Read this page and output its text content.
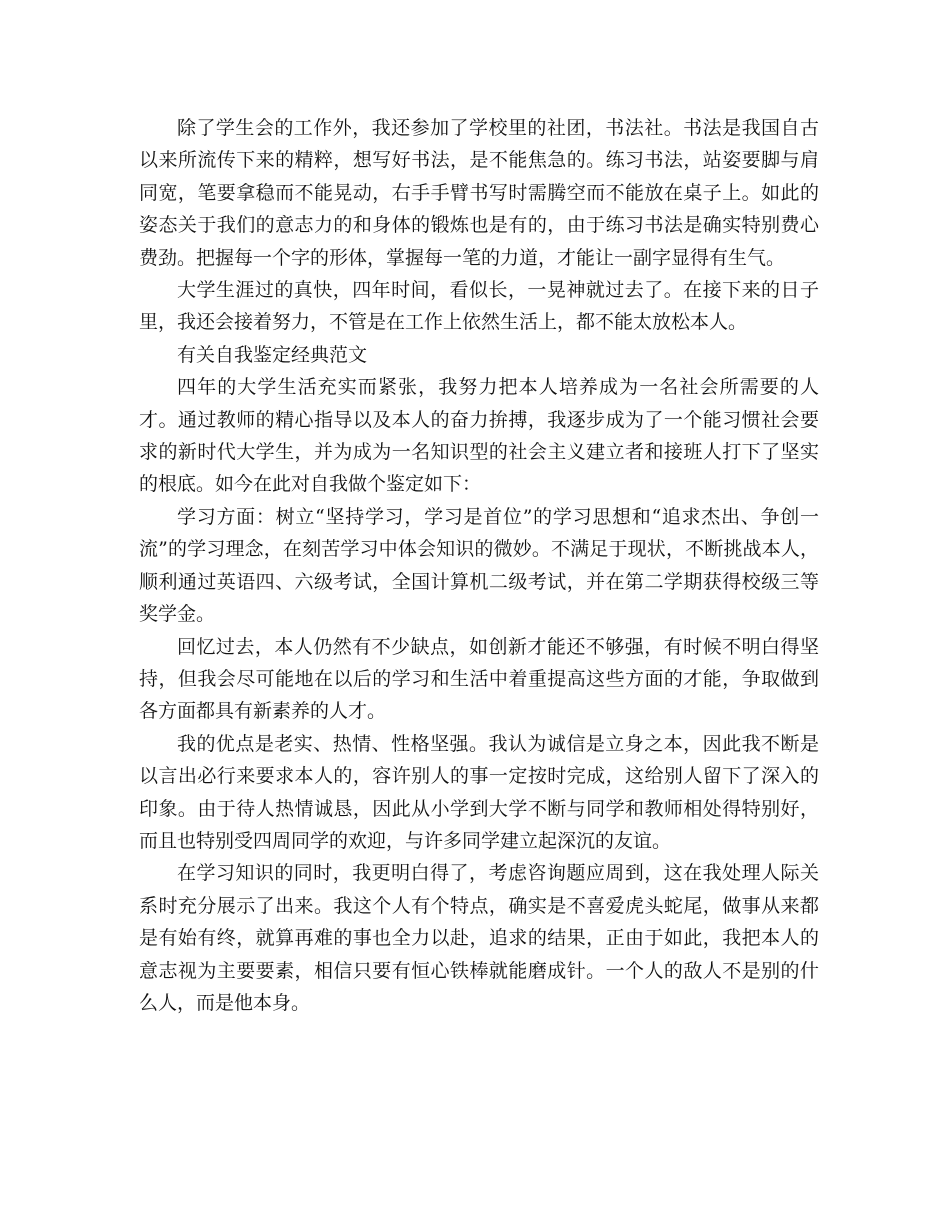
除了学生会的工作外，我还参加了学校里的社团，书法社。书法是我国自古以来所流传下来的精粹，想写好书法，是不能焦急的。练习书法，站姿要脚与肩同宽，笔要拿稳而不能晃动，右手手臂书写时需腾空而不能放在桌子上。如此的姿态关于我们的意志力的和身体的锻炼也是有的，由于练习书法是确实特别费心费劲。把握每一个字的形体，掌握每一笔的力道，才能让一副字显得有生气。

大学生涯过的真快，四年时间，看似长，一晃神就过去了。在接下来的日子里，我还会接着努力，不管是在工作上依然生活上，都不能太放松本人。

有关自我鉴定经典范文

四年的大学生活充实而紧张，我努力把本人培养成为一名社会所需要的人才。通过教师的精心指导以及本人的奋力拚搏，我逐步成为了一个能习惯社会要求的新时代大学生，并为成为一名知识型的社会主义建立者和接班人打下了坚实的根底。如今在此对自我做个鉴定如下：

学习方面：树立“坚持学习，学习是首位”的学习思想和“追求杰出、争创一流”的学习理念，在刻苦学习中体会知识的微妙。不满足于现状，不断挑战本人，顺利通过英语四、六级考试，全国计算机二级考试，并在第二学期获得校级三等奖学金。

回忆过去，本人仍然有不少缺点，如创新才能还不够强，有时候不明白得坚持，但我会尽可能地在以后的学习和生活中着重提高这些方面的才能，争取做到各方面都具有新素养的人才。

我的优点是老实、热情、性格坚强。我认为诚信是立身之本，因此我不断是以言出必行来要求本人的，容许别人的事一定按时完成，这给别人留下了深入的印象。由于待人热情诚恳，因此从小学到大学不断与同学和教师相处得特别好，而且也特别受四周同学的欢迎，与许多同学建立起深沉的友谊。

在学习知识的同时，我更明白得了，考虑咨询题应周到，这在我处理人际关系时充分展示了出来。我这个人有个特点，确实是不喜爱虎头蛇尾，做事从来都是有始有终，就算再难的事也全力以赴，追求的结果，正由于如此，我把本人的意志视为主要要素，相信只要有恒心铁棒就能磨成针。一个人的敌人不是别的什么人，而是他本身。
